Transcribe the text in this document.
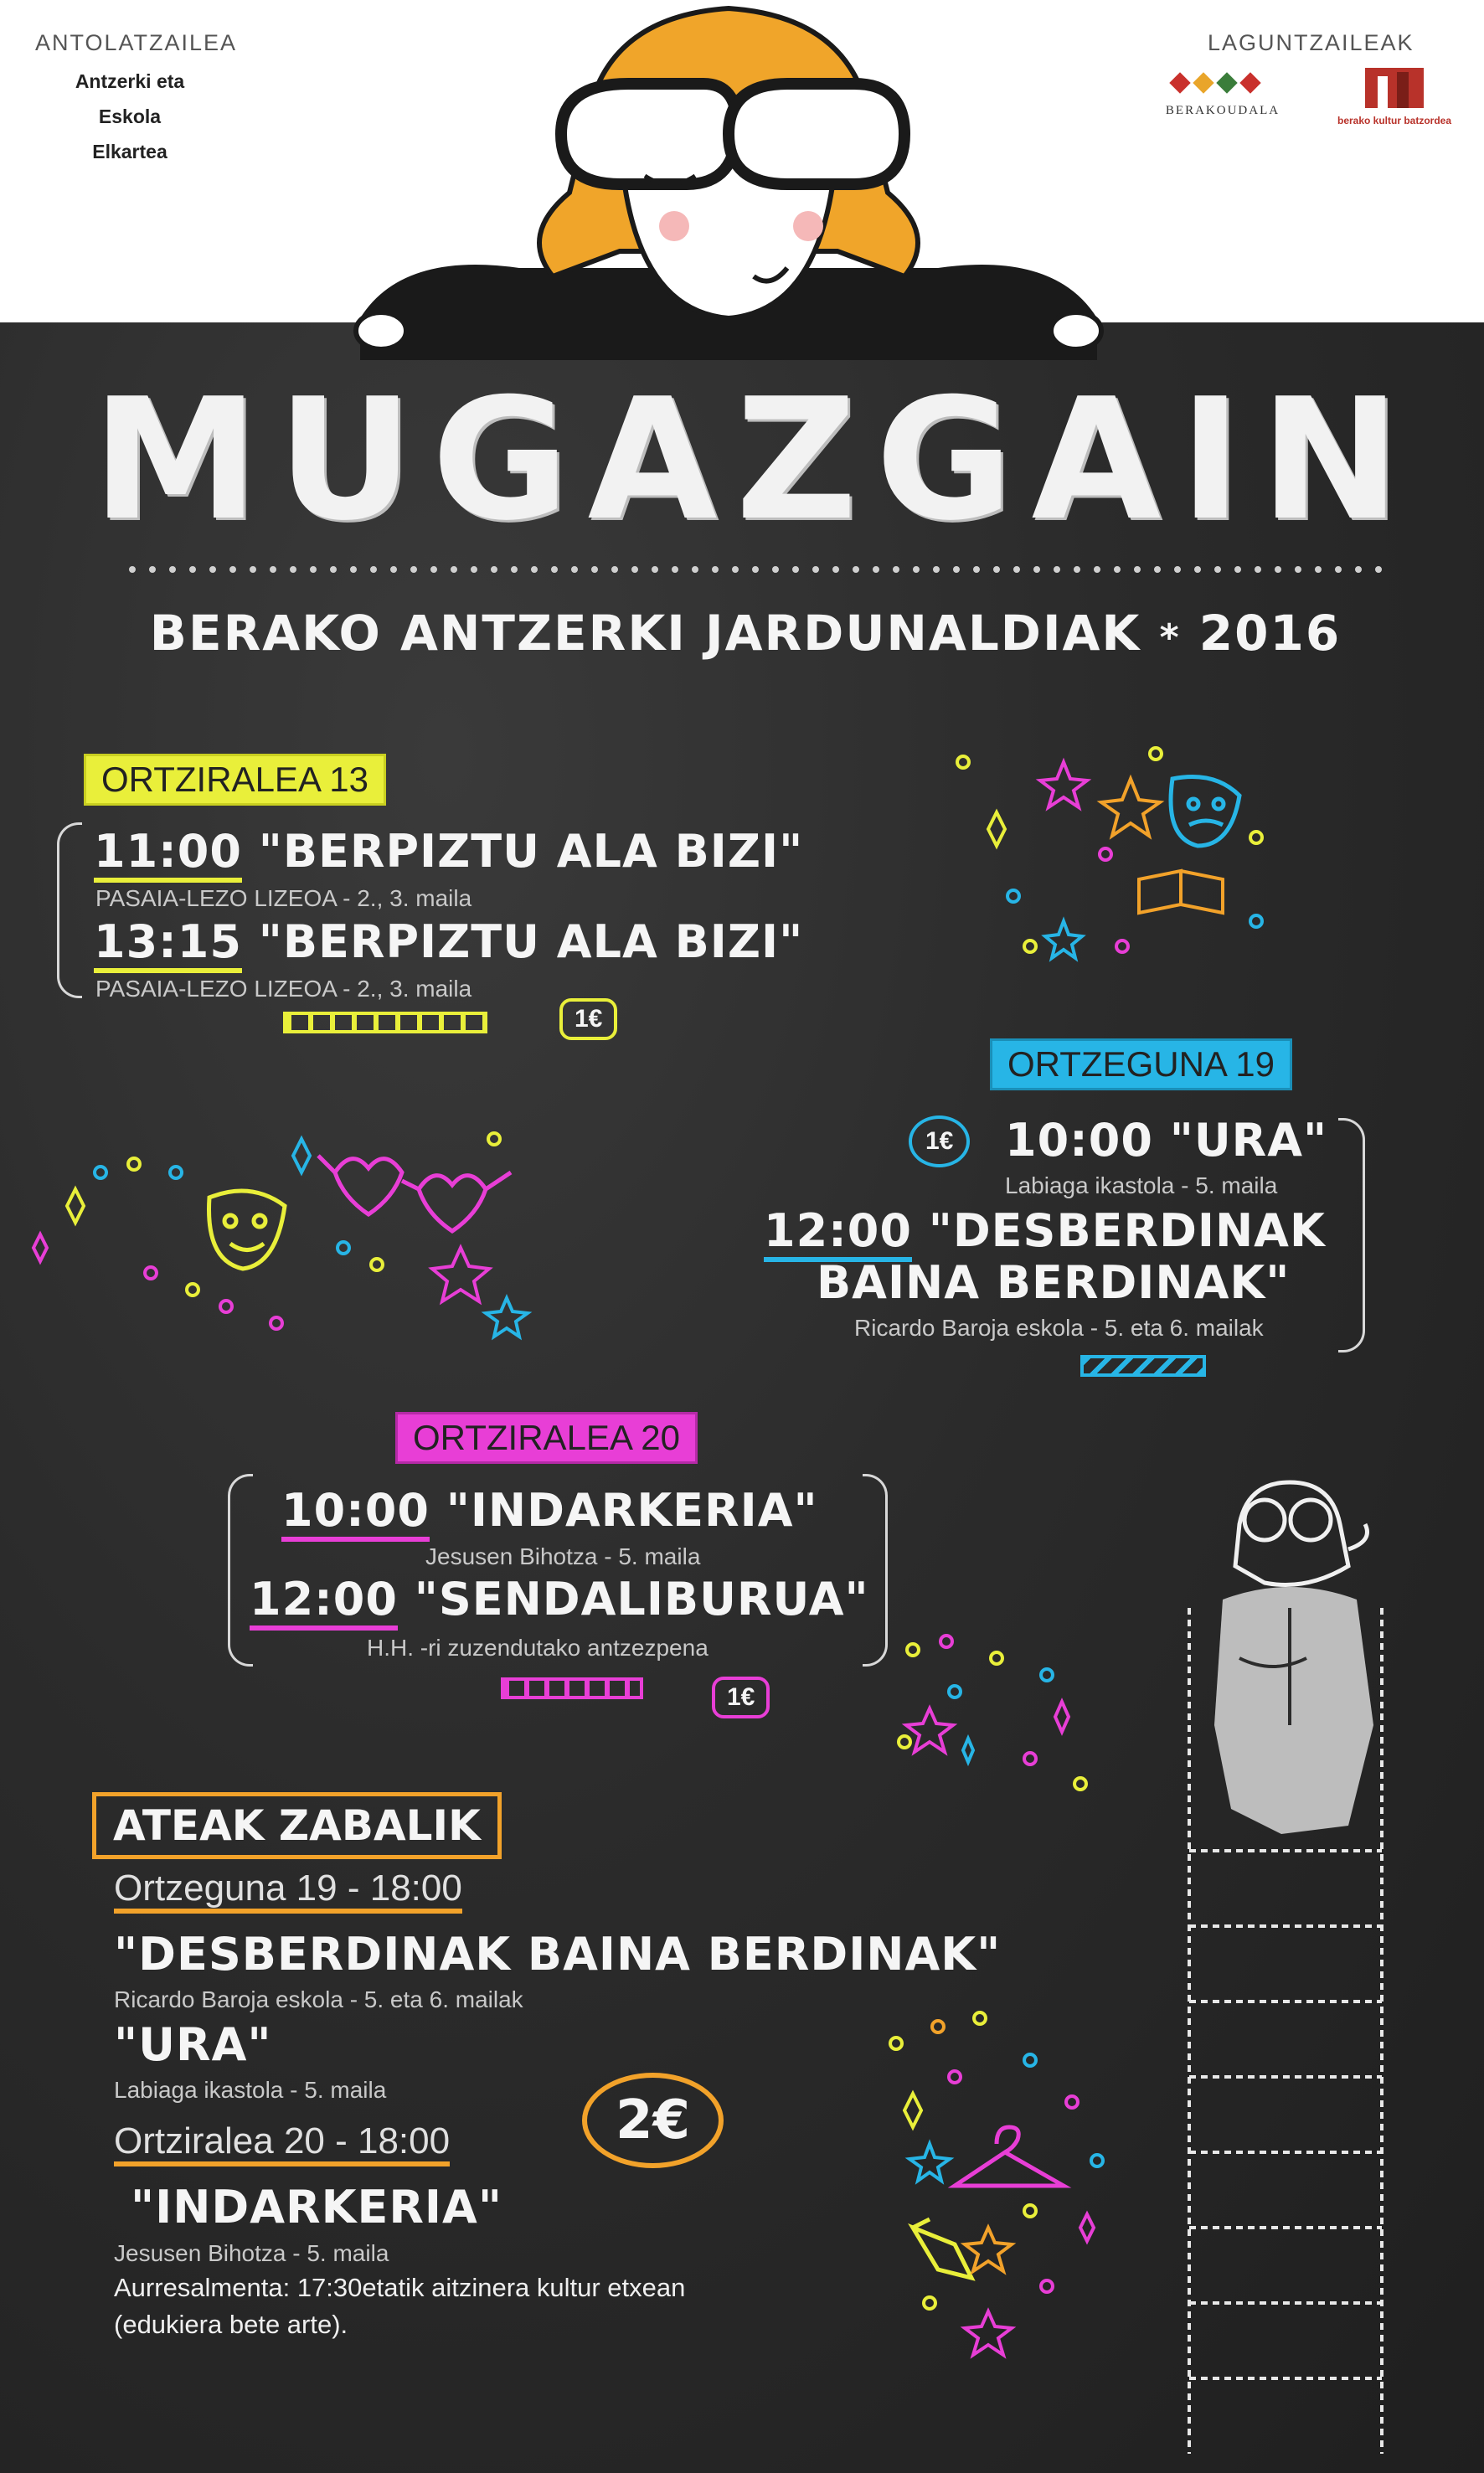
ANTOLATZAILEA
Antzerki eta
Eskola Elkartea
LAGUNTZAILEAK
BERAKOUDALA
berako kultur batzordea
MUGAZGAIN
BERAKO ANTZERKI JARDUNALDIAK * 2016
ORTZIRALEA 13
11:00 "BERPIZTU ALA BIZI"
PASAIA-LEZO LIZEOA - 2., 3. maila
13:15 "BERPIZTU ALA BIZI"
PASAIA-LEZO LIZEOA - 2., 3. maila
1€
ORTZEGUNA 19
1€	10:00 "URA"
Labiaga ikastola - 5. maila
12:00 "DESBERDINAK
BAINA BERDINAK"
Ricardo Baroja eskola - 5. eta 6. mailak
ORTZIRALEA 20
10:00 "INDARKERIA"
Jesusen Bihotza - 5. maila
12:00 "SENDALIBURUA"
H.H. -ri zuzendutako antzezpena
1€
ATEAK ZABALIK
Ortzeguna 19 - 18:00
"DESBERDINAK BAINA BERDINAK"
Ricardo Baroja eskola - 5. eta 6. mailak
"URA"
Labiaga ikastola - 5. maila	2€
Ortziralea 20 - 18:00
"INDARKERIA"
Jesusen Bihotza - 5. maila
Aurresalmenta: 17:30etatik aitzinera kultur etxean
(edukiera bete arte).
